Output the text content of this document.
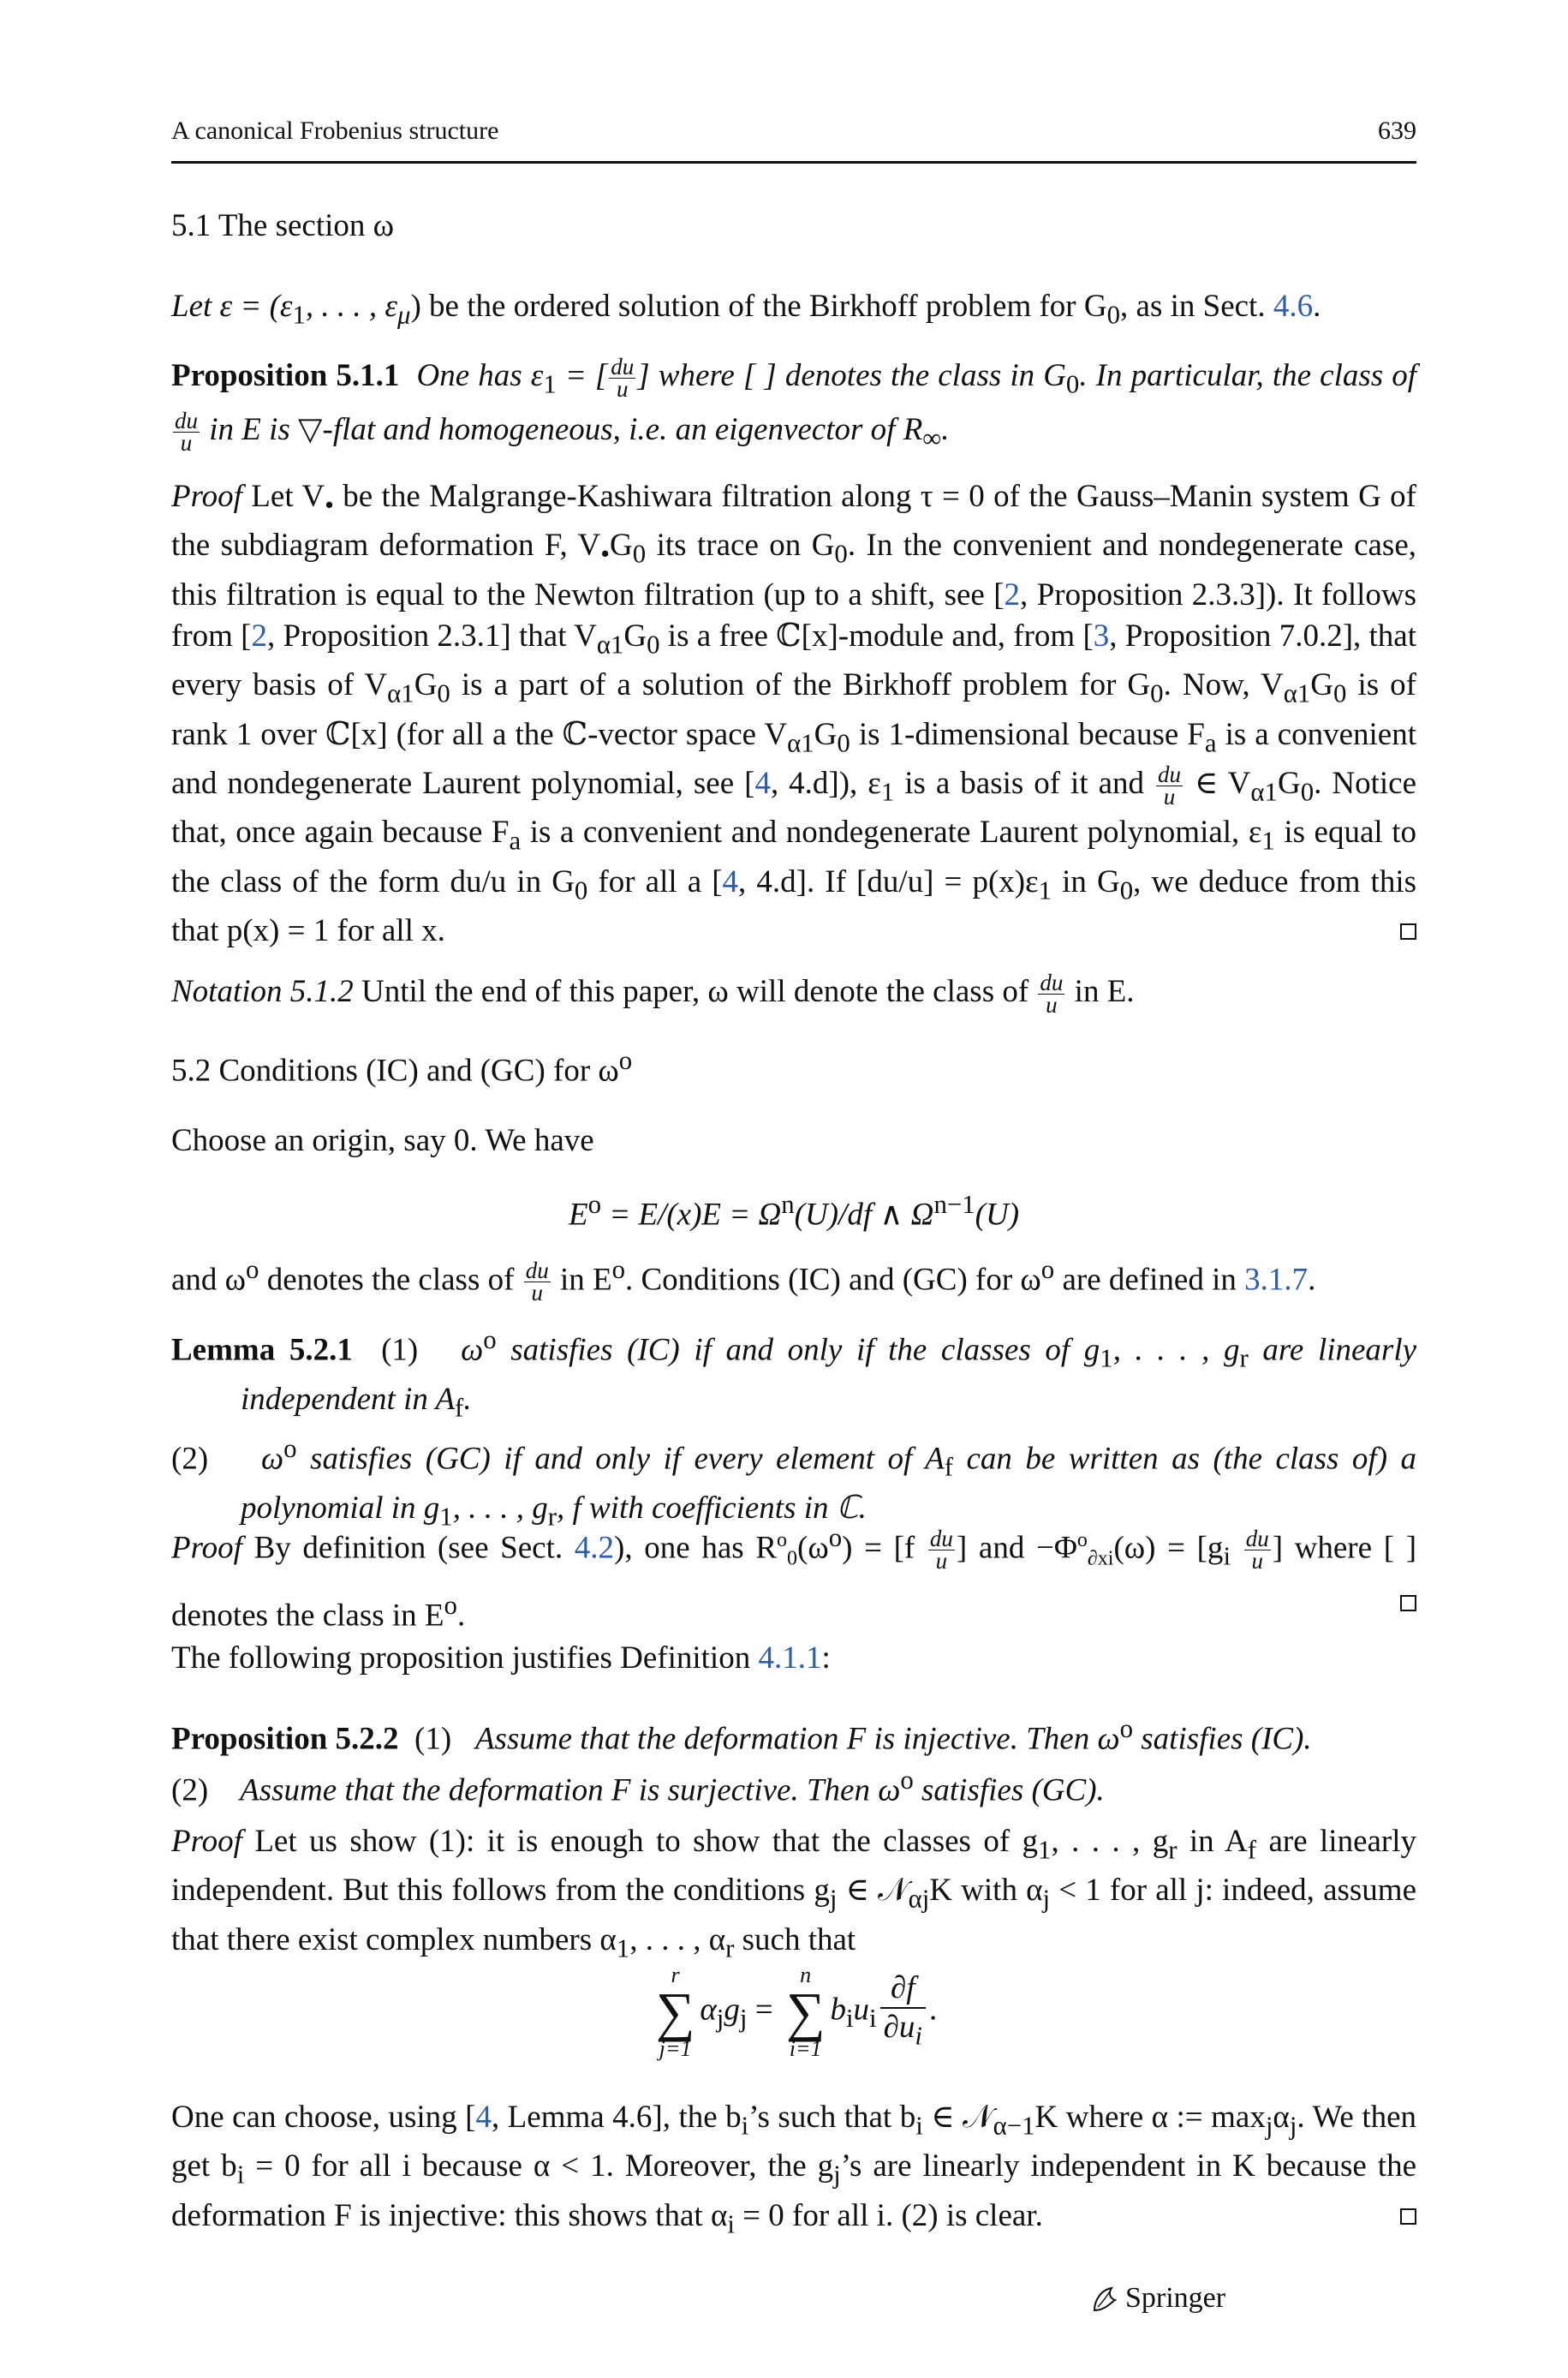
A canonical Frobenius structure	639
5.1 The section ω
Let $\varepsilon = (\varepsilon_1$, . . . , $\varepsilon_\mu$) be the ordered solution of the Birkhoff problem for $G_0$, as in Sect. 4.6.
Proposition 5.1.1 One has $\varepsilon_1$ = [ $\frac{du}{u}$ ] where [ ] denotes the class in $G_0$. In particular, the class of
$\frac{du}{u}$ in E is ▽-flat and homogeneous, i.e. an eigenvector of $R_\infty$.
Proof Let $V_•$ be the Malgrange-Kashiwara filtration along τ = 0 of the Gauss–Manin system G of the subdiagram deformation F, $V_•G_0$ its trace on $G_0$. In the convenient and nondegenerate case, this filtration is equal to the Newton filtration (up to a shift, see [2, Proposition 2.3.3]). It follows from [2, Proposition 2.3.1] that $V_{\alpha 1}G_0$ is a free ℂ[x]-module and, from [3, Proposition 7.0.2], that every basis of $V_{\alpha 1}G_0$ is a part of a solution of the Birkhoff problem for $G_0$. Now, $V_{\alpha 1}G_0$ is of rank 1 over ℂ[x] (for all a the ℂ-vector space $V_{\alpha 1}G_0$ is 1-dimensional because $F_a$ is a convenient and nondegenerate Laurent polynomial, see [4, 4.d]), $\varepsilon_1$ is a basis of it and $\frac{du}{u}$ ∈ $V_{\alpha 1}G_0$. Notice that, once again because $F_a$ is a convenient and nondegenerate Laurent polynomial, $\varepsilon_1$ is equal to the class of the form du/u in $G_0$ for all a [4, 4.d]. If $[du/u] = p(x)\varepsilon_1$ in $G_0$, we deduce from this that p(x) = 1 for all x.
Notation 5.1.2 Until the end of this paper, ω will denote the class of $\frac{du}{u}$ in E.
5.2 Conditions (IC) and (GC) for $\omega^o$
Choose an origin, say 0. We have
$E^o = E/(x)E = \Omega^n(U)/df$ ∧ $\Omega^{n-1}(U)$
and $\omega^o$ denotes the class of $\frac{du}{u}$ in $E^o$. Conditions (IC) and (GC) for $\omega^o$ are defined in 3.1.7.
Lemma 5.2.1 (1) $\omega^o$ satisfies (IC) if and only if the classes of $g_1$, . . . , $g_r$ are linearly independent in $A_f$.
(2) $\omega^o$ satisfies (GC) if and only if every element of $A_f$ can be written as (the class of) a polynomial in $g_1$, . . . , $g_r$, f with coefficients in ℂ.
Proof By definition (see Sect. 4.2), one has $R^o_0(\omega^o) = [f \frac{du}{u}$ ] and $-\Phi^o_{\partial xi}(\omega) = [g_i \frac{du}{u}$ ] where [ ] denotes the class in $E^o$.
The following proposition justifies Definition 4.1.1:
Proposition 5.2.2 (1) Assume that the deformation F is injective. Then $\omega^o$ satisfies (IC).
(2) Assume that the deformation F is surjective. Then $\omega^o$ satisfies (GC).
Proof Let us show (1): it is enough to show that the classes of $g_1$, . . . , $g_r$ in $A_f$ are linearly independent. But this follows from the conditions $g_j$ ∈ 𝒩$_{\alpha j}$K with $\alpha_j < 1$ for all j: indeed, assume that there exist complex numbers $\alpha_1$, . . . , $\alpha_r$ such that
r
∑
$j=1\alpha_jg_j = n$
∑
$i=1b_iu_i \frac{\partial f}{\partial u_i}$ .
One can choose, using [4, Lemma 4.6], the $b_i’s$ such that $b_i$ ∈ 𝒩$_{\alpha-1}$K where α := $\max_j\alpha_j$. We then get $b_i = 0$ for all i because α < 1. Moreover, the $g_j’s$ are linearly independent in K because the deformation F is injective: this shows that $\alpha_i = 0$ for all i. (2) is clear.
Springer
